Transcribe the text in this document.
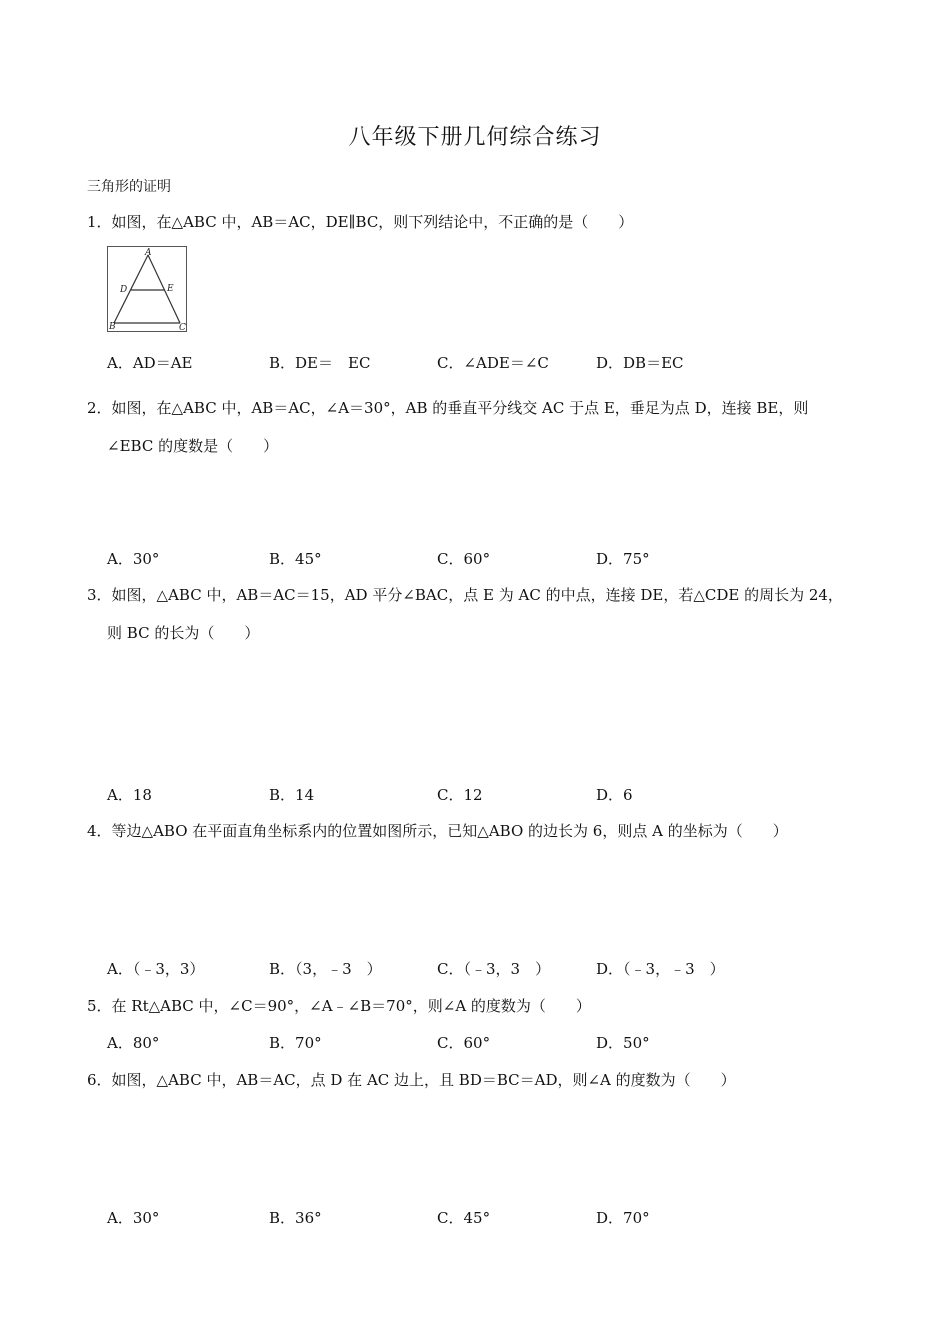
八年级下册几何综合练习
三角形的证明
1．如图，在△ABC 中，AB＝AC，DE∥BC，则下列结论中，不正确的是（　　）
A
D	E
B	C
A．AD＝AE	B．DE＝　EC	C．∠ADE＝∠C	D．DB＝EC
2．如图，在△ABC 中，AB＝AC，∠A＝30°，AB 的垂直平分线交 AC 于点 E，垂足为点 D，连接 BE，则
∠EBC 的度数是（　　）
A．30°	B．45°	C．60°	D．75°
3．如图，△ABC 中，AB＝AC＝15，AD 平分∠BAC，点 E 为 AC 的中点，连接 DE，若△CDE 的周长为 24，
则 BC 的长为（　　）
A．18	B．14	C．12	D．6
4．等边△ABO 在平面直角坐标系内的位置如图所示，已知△ABO 的边长为 6，则点 A 的坐标为（　　）
A．（﹣3，3）	B．（3，﹣3　）	C．（﹣3，3　）	D．（﹣3，﹣3　）
5．在 Rt△ABC 中，∠C＝90°，∠A﹣∠B＝70°，则∠A 的度数为（　　）
A．80°	B．70°	C．60°	D．50°
6．如图，△ABC 中，AB＝AC，点 D 在 AC 边上，且 BD＝BC＝AD，则∠A 的度数为（　　）
A．30°	B．36°	C．45°	D．70°
